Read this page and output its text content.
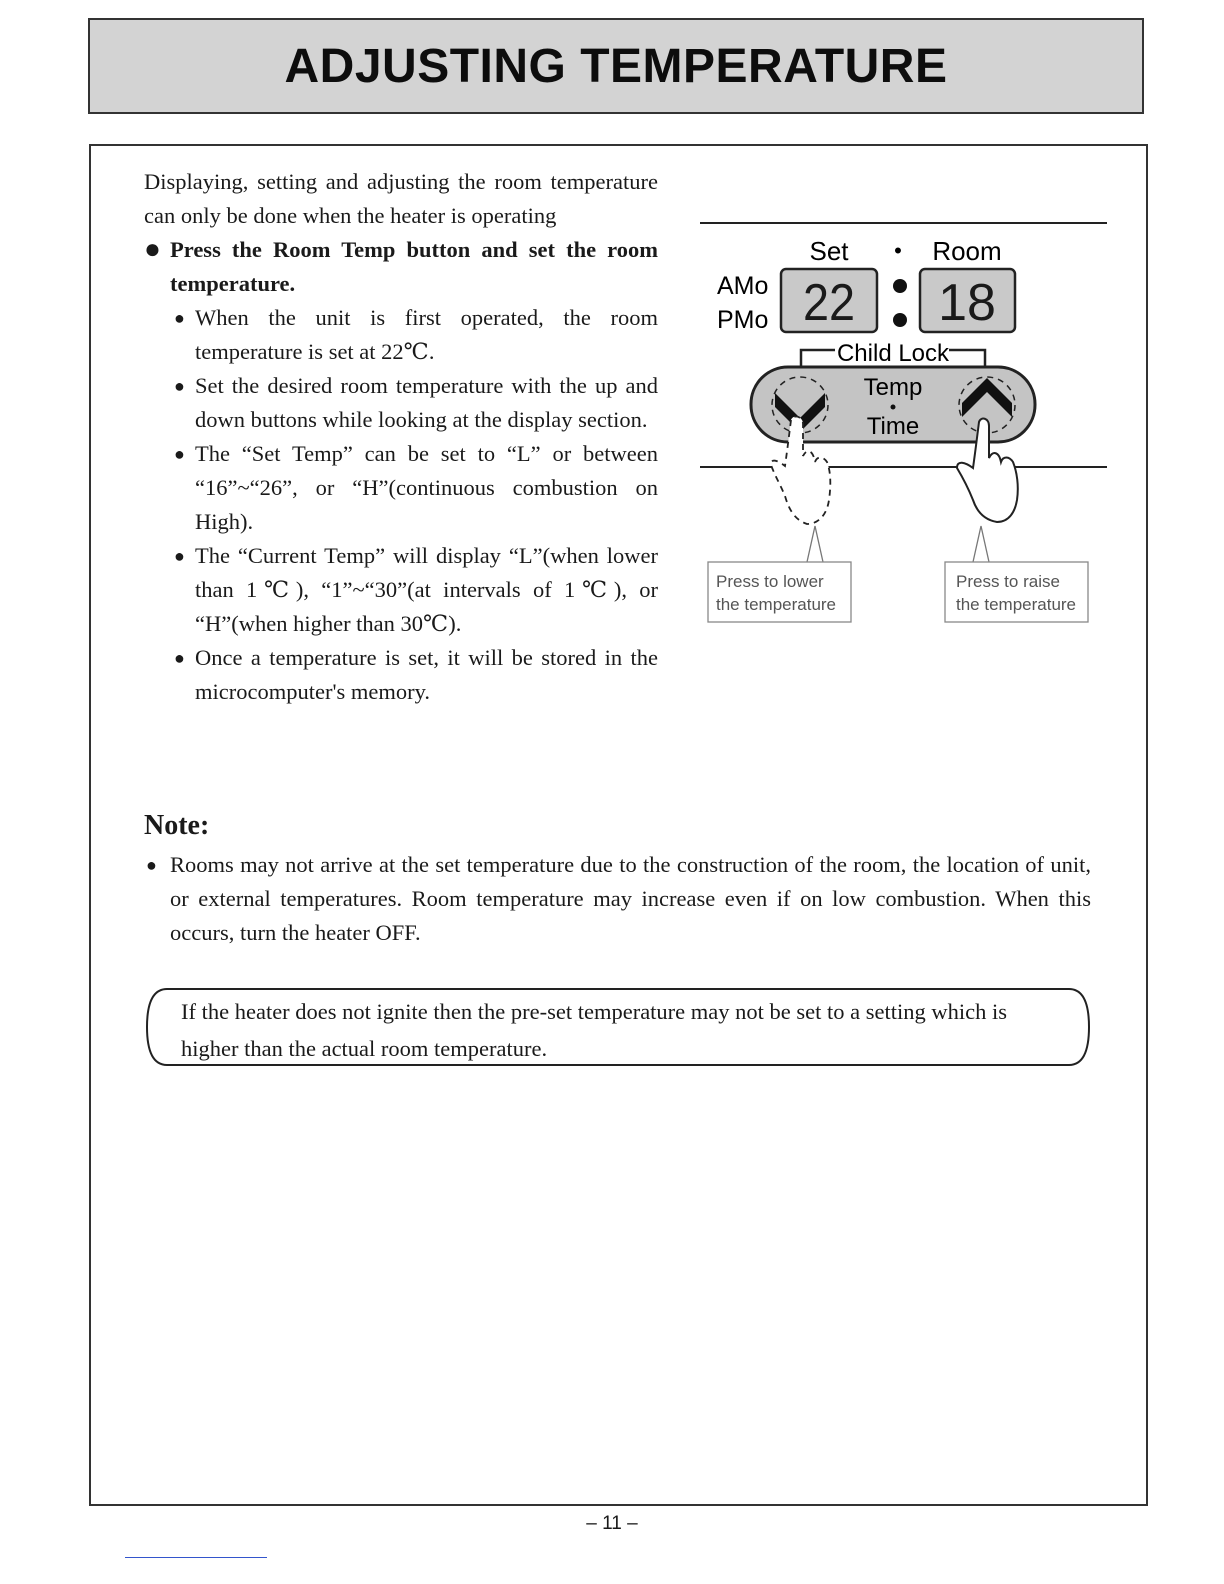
ADJUSTING TEMPERATURE

Displaying, setting and adjusting the room temperature can only be done when the heater is operating

● Press the Room Temp button and set the room temperature.
● When the unit is first operated, the room temperature is set at 22℃.
● Set the desired room temperature with the up and down buttons while looking at the display section.
● The “Set Temp” can be set to “L” or between “16”~“26”, or “H”(continuous combustion on High).
● The “Current Temp” will display “L”(when lower than 1℃), “1”~“30”(at intervals of 1℃), or “H”(when higher than 30℃).
● Once a temperature is set, it will be stored in the microcomputer's memory.
Set • Room
AMo
PMo 22 18
Child Lock
Temp
Time
Press to lower
the temperature
Press to raise
the temperature
Note:
● Rooms may not arrive at the set temperature due to the construction of the room, the location of unit, or external temperatures. Room temperature may increase even if on low combustion. When this occurs, turn the heater OFF.
If the heater does not ignite then the pre-set temperature may not be set to a setting which is higher than the actual room temperature.
– 11 –
